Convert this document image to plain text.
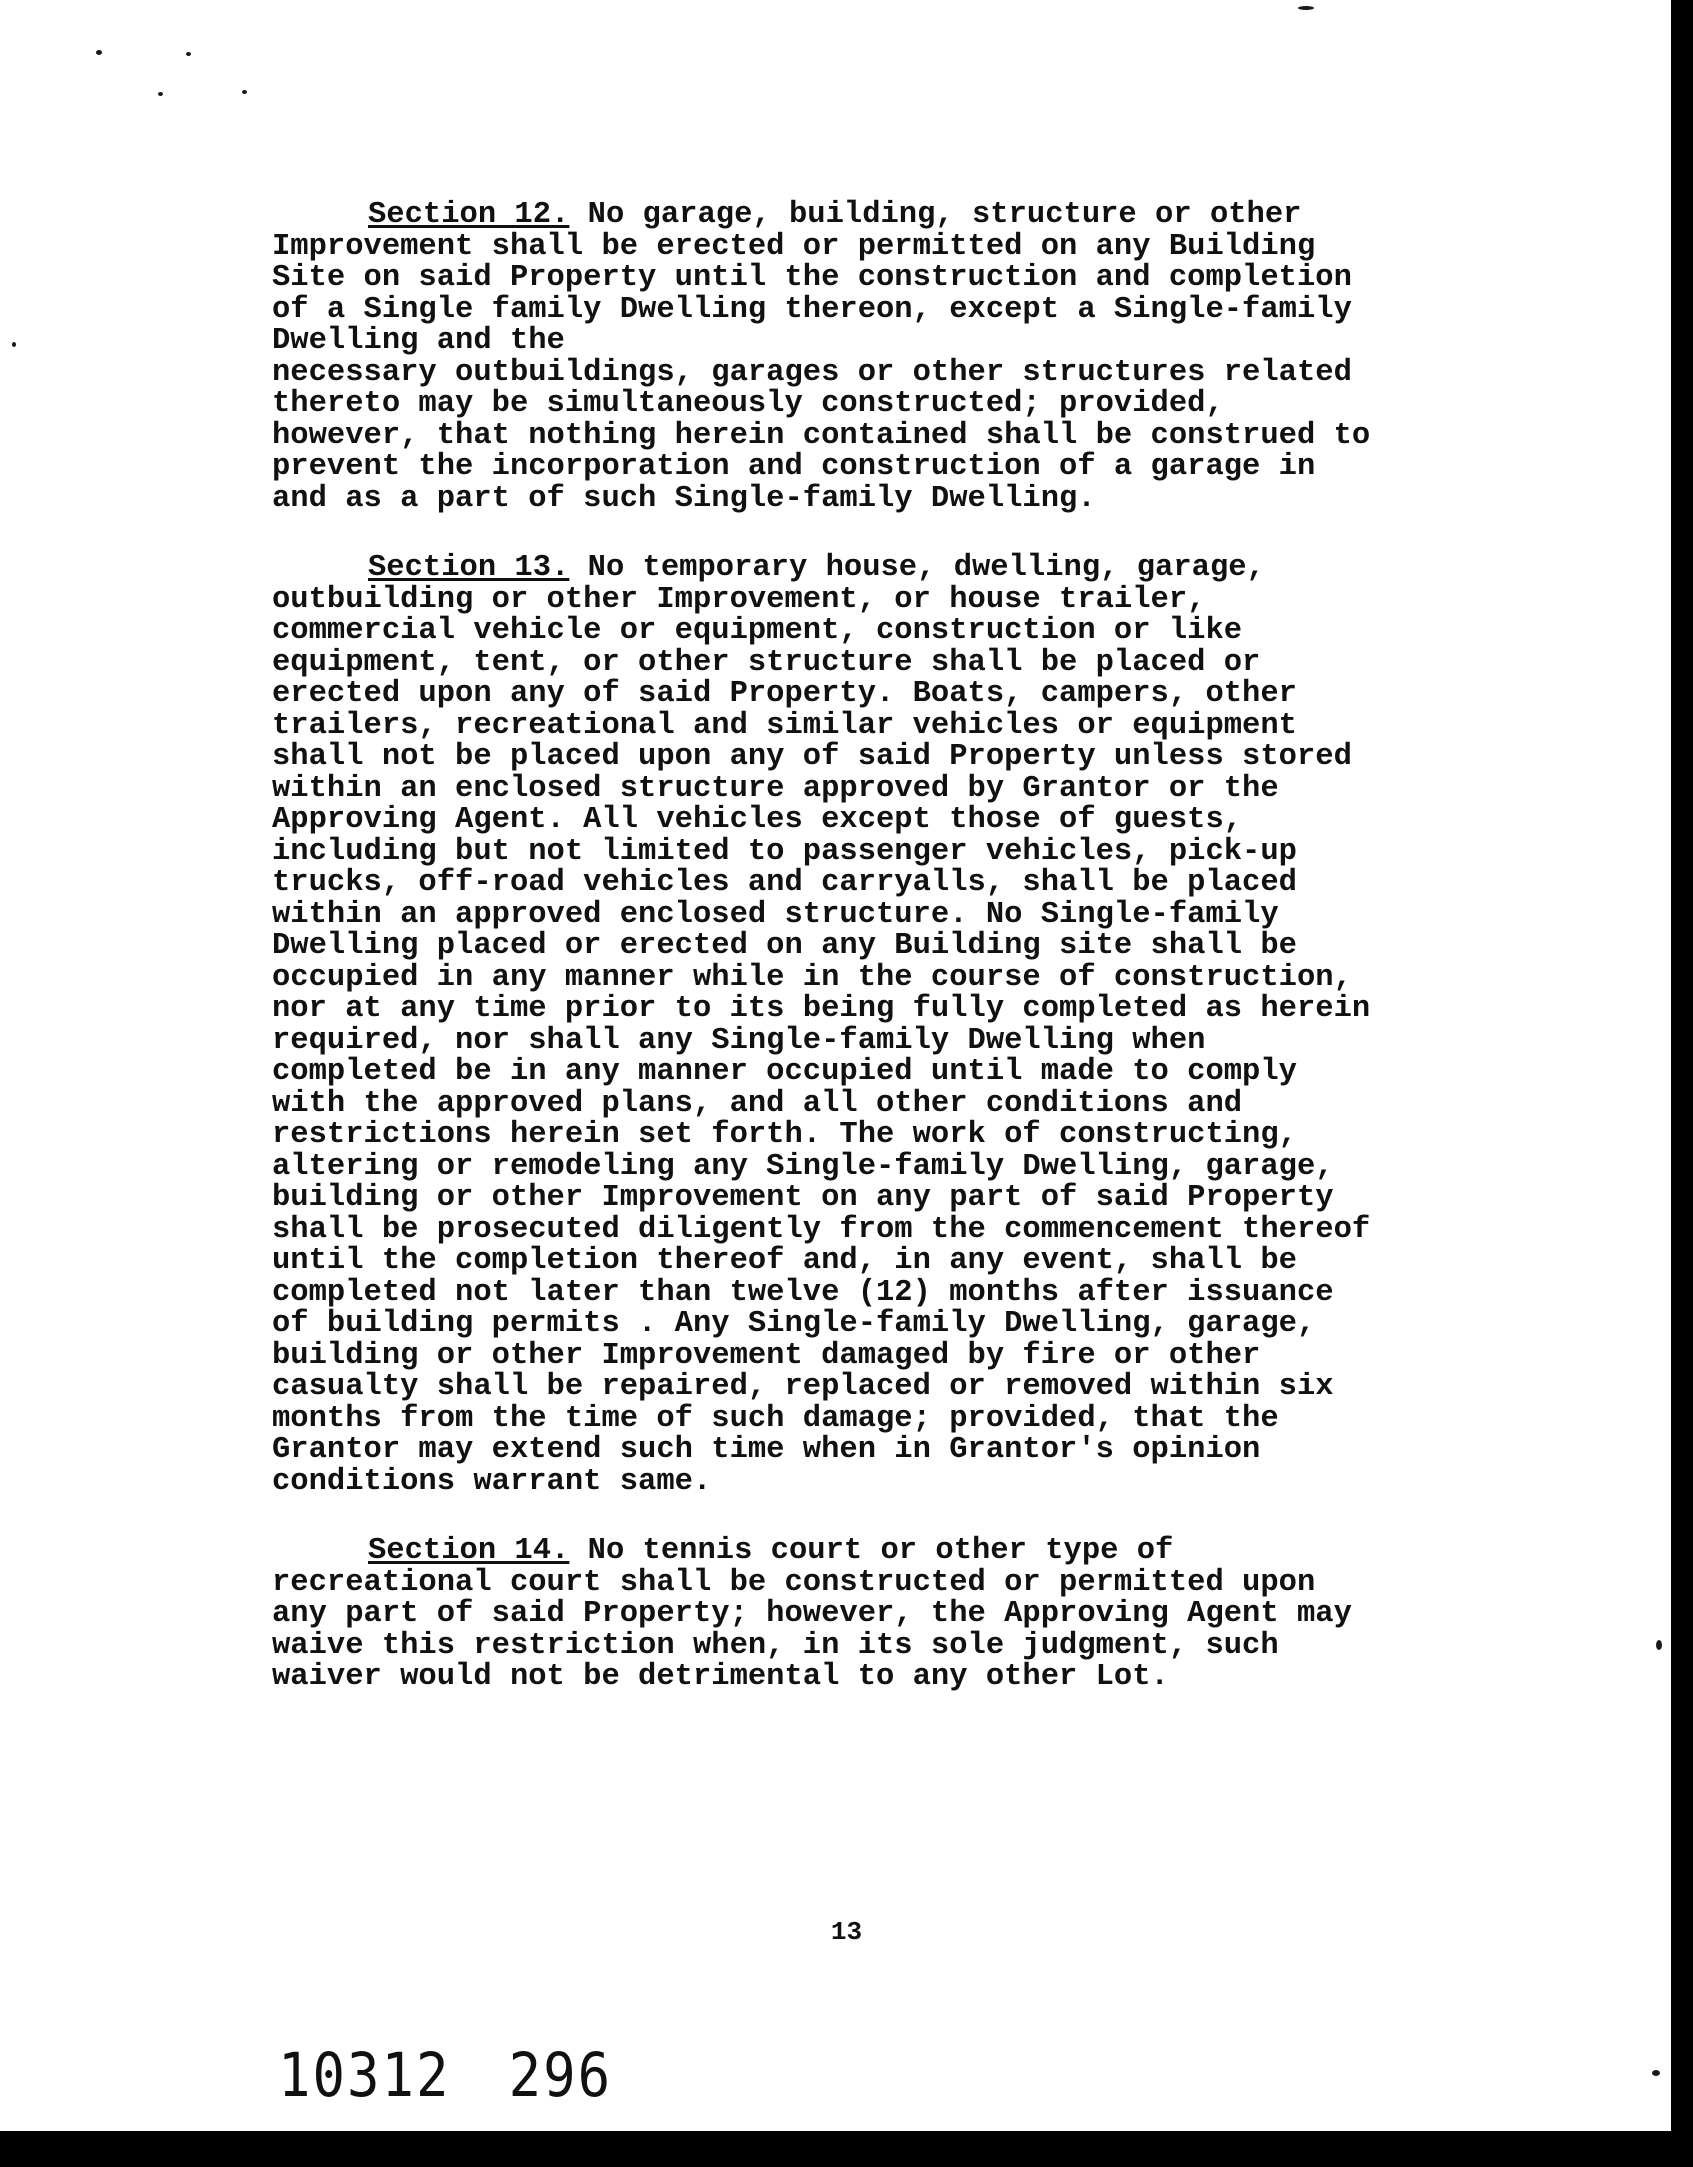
Section 12. No garage, building, structure or other
Improvement shall be erected or permitted on any Building
Site on said Property until the construction and completion
of a Single family Dwelling thereon, except a Single-family
Dwelling and the
necessary outbuildings, garages or other structures related
thereto may be simultaneously constructed; provided,
however, that nothing herein contained shall be construed to
prevent the incorporation and construction of a garage in
and as a part of such Single-family Dwelling.
Section 13. No temporary house, dwelling, garage,
outbuilding or other Improvement, or house trailer,
commercial vehicle or equipment, construction or like
equipment, tent, or other structure shall be placed or
erected upon any of said Property. Boats, campers, other
trailers, recreational and similar vehicles or equipment
shall not be placed upon any of said Property unless stored
within an enclosed structure approved by Grantor or the
Approving Agent. All vehicles except those of guests,
including but not limited to passenger vehicles, pick-up
trucks, off-road vehicles and carryalls, shall be placed
within an approved enclosed structure. No Single-family
Dwelling placed or erected on any Building site shall be
occupied in any manner while in the course of construction,
nor at any time prior to its being fully completed as herein
required, nor shall any Single-family Dwelling when
completed be in any manner occupied until made to comply
with the approved plans, and all other conditions and
restrictions herein set forth. The work of constructing,
altering or remodeling any Single-family Dwelling, garage,
building or other Improvement on any part of said Property
shall be prosecuted diligently from the commencement thereof
until the completion thereof and, in any event, shall be
completed not later than twelve (12) months after issuance
of building permits . Any Single-family Dwelling, garage,
building or other Improvement damaged by fire or other
casualty shall be repaired, replaced or removed within six
months from the time of such damage; provided, that the
Grantor may extend such time when in Grantor's opinion
conditions warrant same.
Section 14. No tennis court or other type of
recreational court shall be constructed or permitted upon
any part of said Property; however, the Approving Agent may
waive this restriction when, in its sole judgment, such
waiver would not be detrimental to any other Lot.
13
10312 296
